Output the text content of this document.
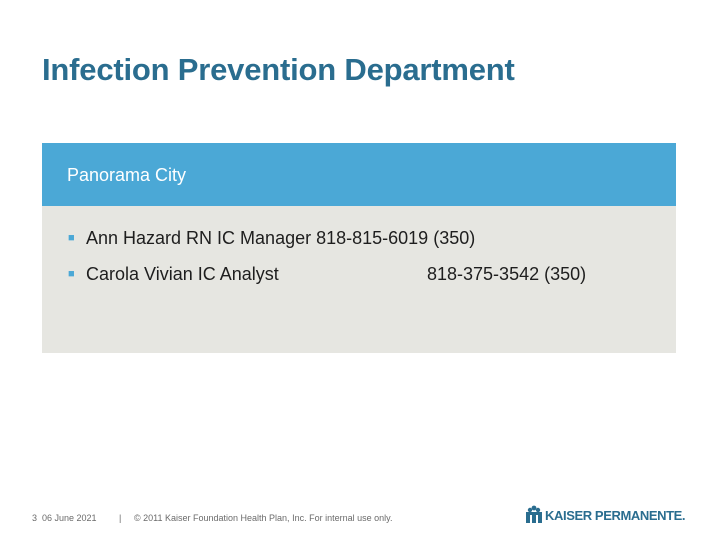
Infection Prevention Department
Panorama City
■ Ann Hazard RN IC Manager 818-815-6019 (350)
■ Carola Vivian IC Analyst	818-375-3542 (350)
3 06 June 2021 | © 2011 Kaiser Foundation Health Plan, Inc. For internal use only.	KAISER PERMANENTE.
